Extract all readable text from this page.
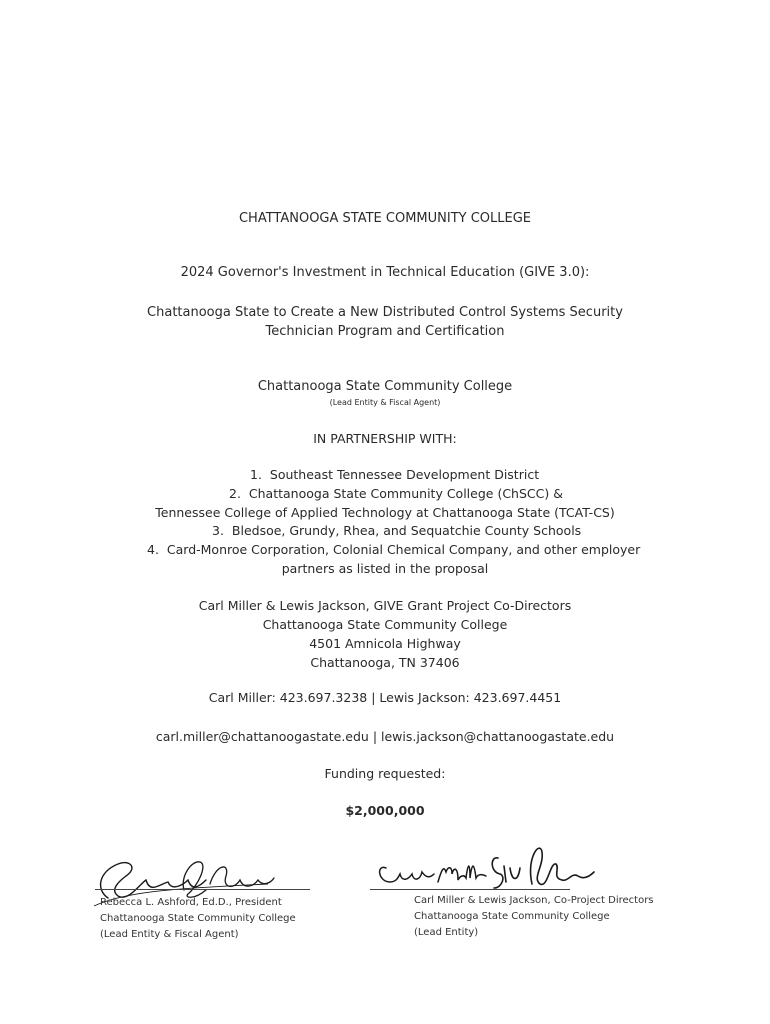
CHATTANOOGA STATE COMMUNITY COLLEGE
2024 Governor's Investment in Technical Education (GIVE 3.0):
Chattanooga State to Create a New Distributed Control Systems Security
Technician Program and Certification
Chattanooga State Community College
(Lead Entity & Fiscal Agent)
IN PARTNERSHIP WITH:
1. Southeast Tennessee Development District
2. Chattanooga State Community College (ChSCC) &
Tennessee College of Applied Technology at Chattanooga State (TCAT-CS)
3. Bledsoe, Grundy, Rhea, and Sequatchie County Schools
4. Card-Monroe Corporation, Colonial Chemical Company, and other employer
partners as listed in the proposal
Carl Miller & Lewis Jackson, GIVE Grant Project Co-Directors
Chattanooga State Community College
4501 Amnicola Highway
Chattanooga, TN 37406
Carl Miller: 423.697.3238 | Lewis Jackson: 423.697.4451
carl.miller@chattanoogastate.edu | lewis.jackson@chattanoogastate.edu
Funding requested:
$2,000,000
Rebecca L. Ashford, Ed.D., President
Chattanooga State Community College
(Lead Entity & Fiscal Agent)
Carl Miller & Lewis Jackson, Co-Project Directors
Chattanooga State Community College
(Lead Entity)
